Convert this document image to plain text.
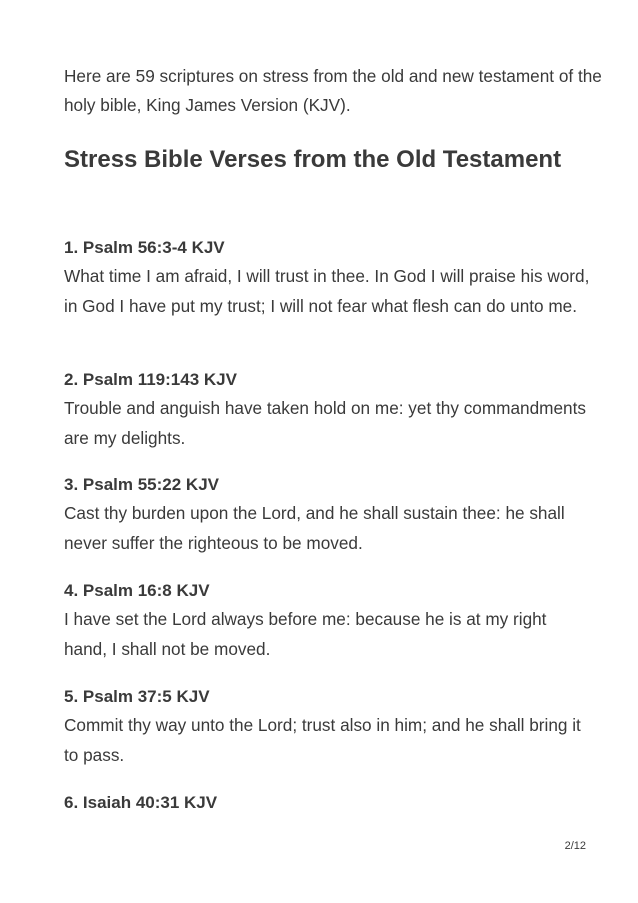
Here are 59 scriptures on stress from the old and new testament of the holy bible, King James Version (KJV).

Stress Bible Verses from the Old Testament

1. Psalm 56:3-4 KJV

What time I am afraid, I will trust in thee. In God I will praise his word, in God I have put my trust; I will not fear what flesh can do unto me.

2. Psalm 119:143 KJV

Trouble and anguish have taken hold on me: yet thy commandments are my delights.

3. Psalm 55:22 KJV

Cast thy burden upon the Lord, and he shall sustain thee: he shall never suffer the righteous to be moved.

4. Psalm 16:8 KJV

I have set the Lord always before me: because he is at my right hand, I shall not be moved.

5. Psalm 37:5 KJV

Commit thy way unto the Lord; trust also in him; and he shall bring it to pass.

6. Isaiah 40:31 KJV

2/12
